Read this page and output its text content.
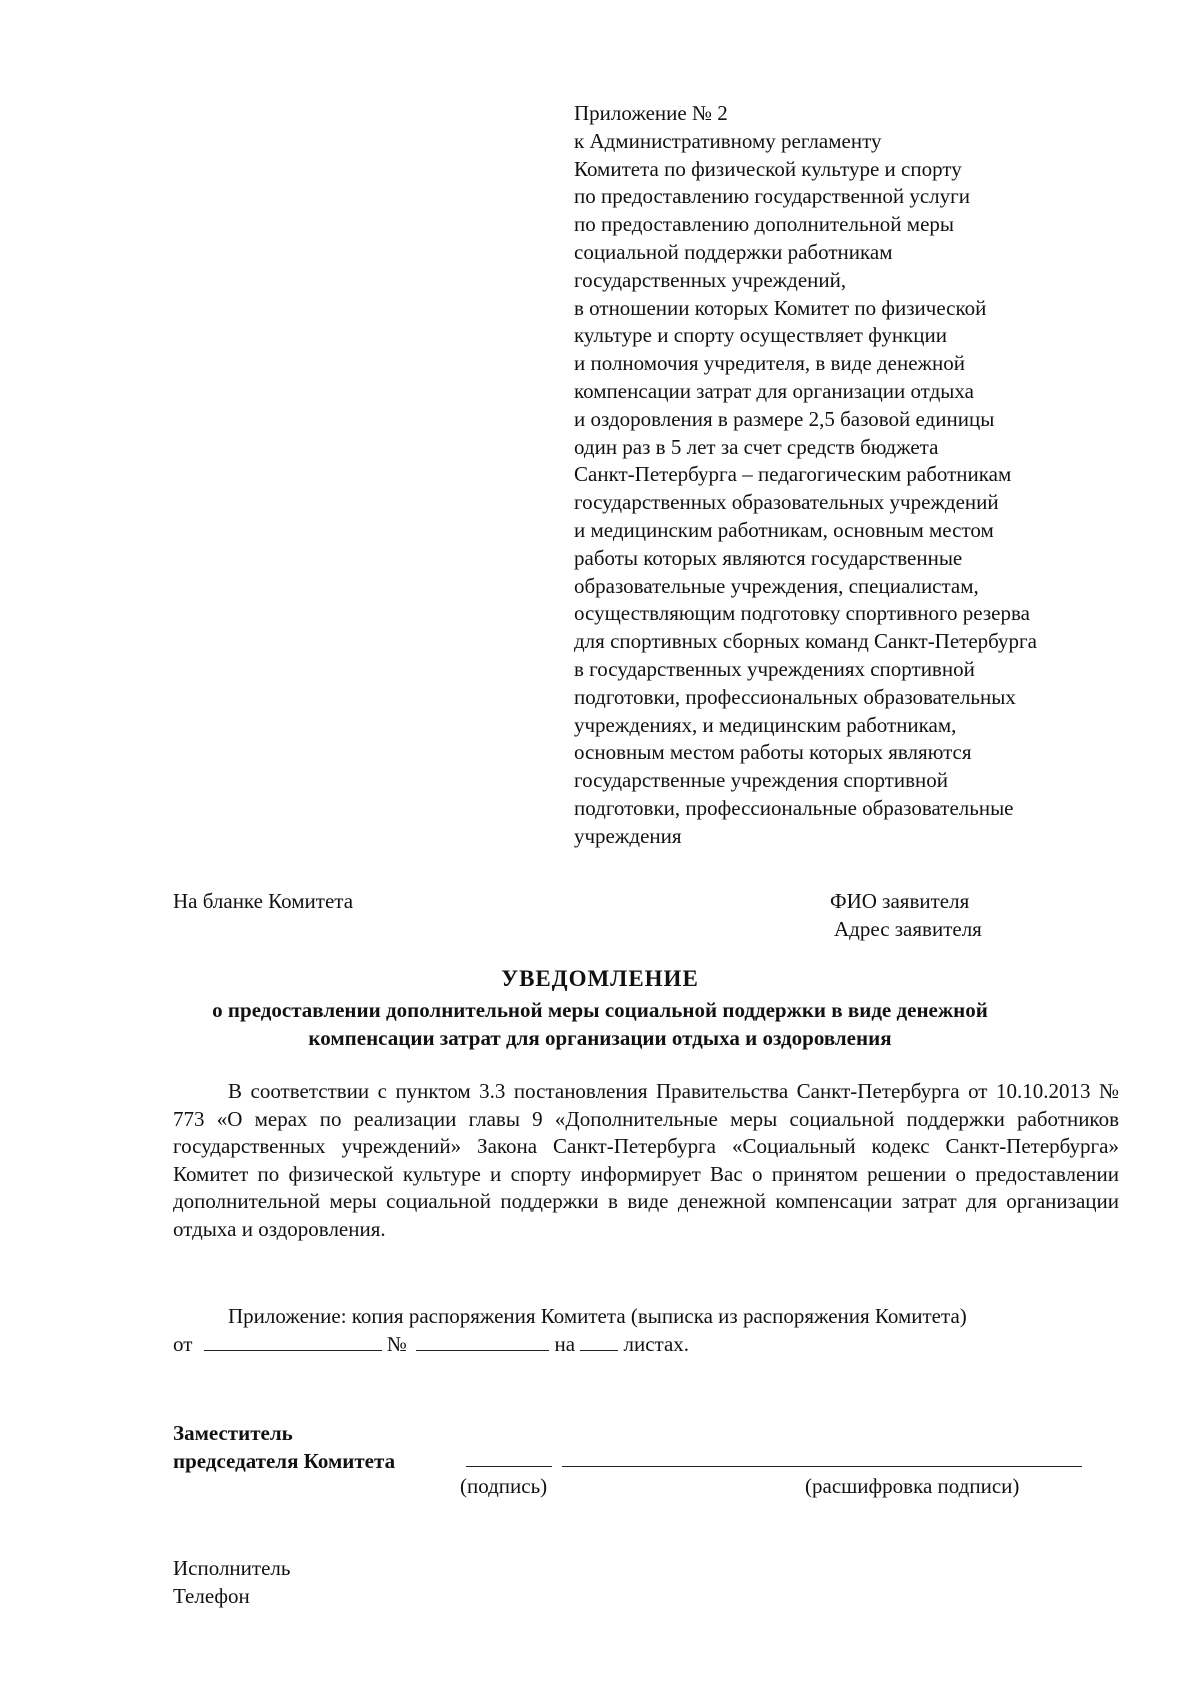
Приложение № 2
к Административному регламенту
Комитета по физической культуре и спорту
по предоставлению государственной услуги
по предоставлению дополнительной меры
социальной поддержки работникам
государственных учреждений,
в отношении которых Комитет по физической
культуре и спорту осуществляет функции
и полномочия учредителя, в виде денежной
компенсации затрат для организации отдыха
и оздоровления в размере 2,5 базовой единицы
один раз в 5 лет за счет средств бюджета
Санкт-Петербурга – педагогическим работникам
государственных образовательных учреждений
и медицинским работникам, основным местом
работы которых являются государственные
образовательные учреждения, специалистам,
осуществляющим подготовку спортивного резерва
для спортивных сборных команд Санкт-Петербурга
в государственных учреждениях спортивной
подготовки, профессиональных образовательных
учреждениях, и медицинским работникам,
основным местом работы которых являются
государственные учреждения спортивной
подготовки, профессиональные образовательные
учреждения
На бланке Комитета	ФИО заявителя
Адрес заявителя
УВЕДОМЛЕНИЕ
о предоставлении дополнительной меры социальной поддержки в виде денежной
компенсации затрат для организации отдыха и оздоровления
В соответствии с пунктом 3.3 постановления Правительства Санкт-Петербурга от 10.10.2013 № 773 «О мерах по реализации главы 9 «Дополнительные меры социальной поддержки работников государственных учреждений» Закона Санкт-Петербурга «Социальный кодекс Санкт-Петербурга» Комитет по физической культуре и спорту информирует Вас о принятом решении о предоставлении дополнительной меры социальной поддержки в виде денежной компенсации затрат для организации отдыха и оздоровления.
Приложение: копия распоряжения Комитета (выписка из распоряжения Комитета)
от	№	на листах.
Заместитель
председателя Комитета
(подпись)	(расшифровка подписи)
Исполнитель
Телефон
